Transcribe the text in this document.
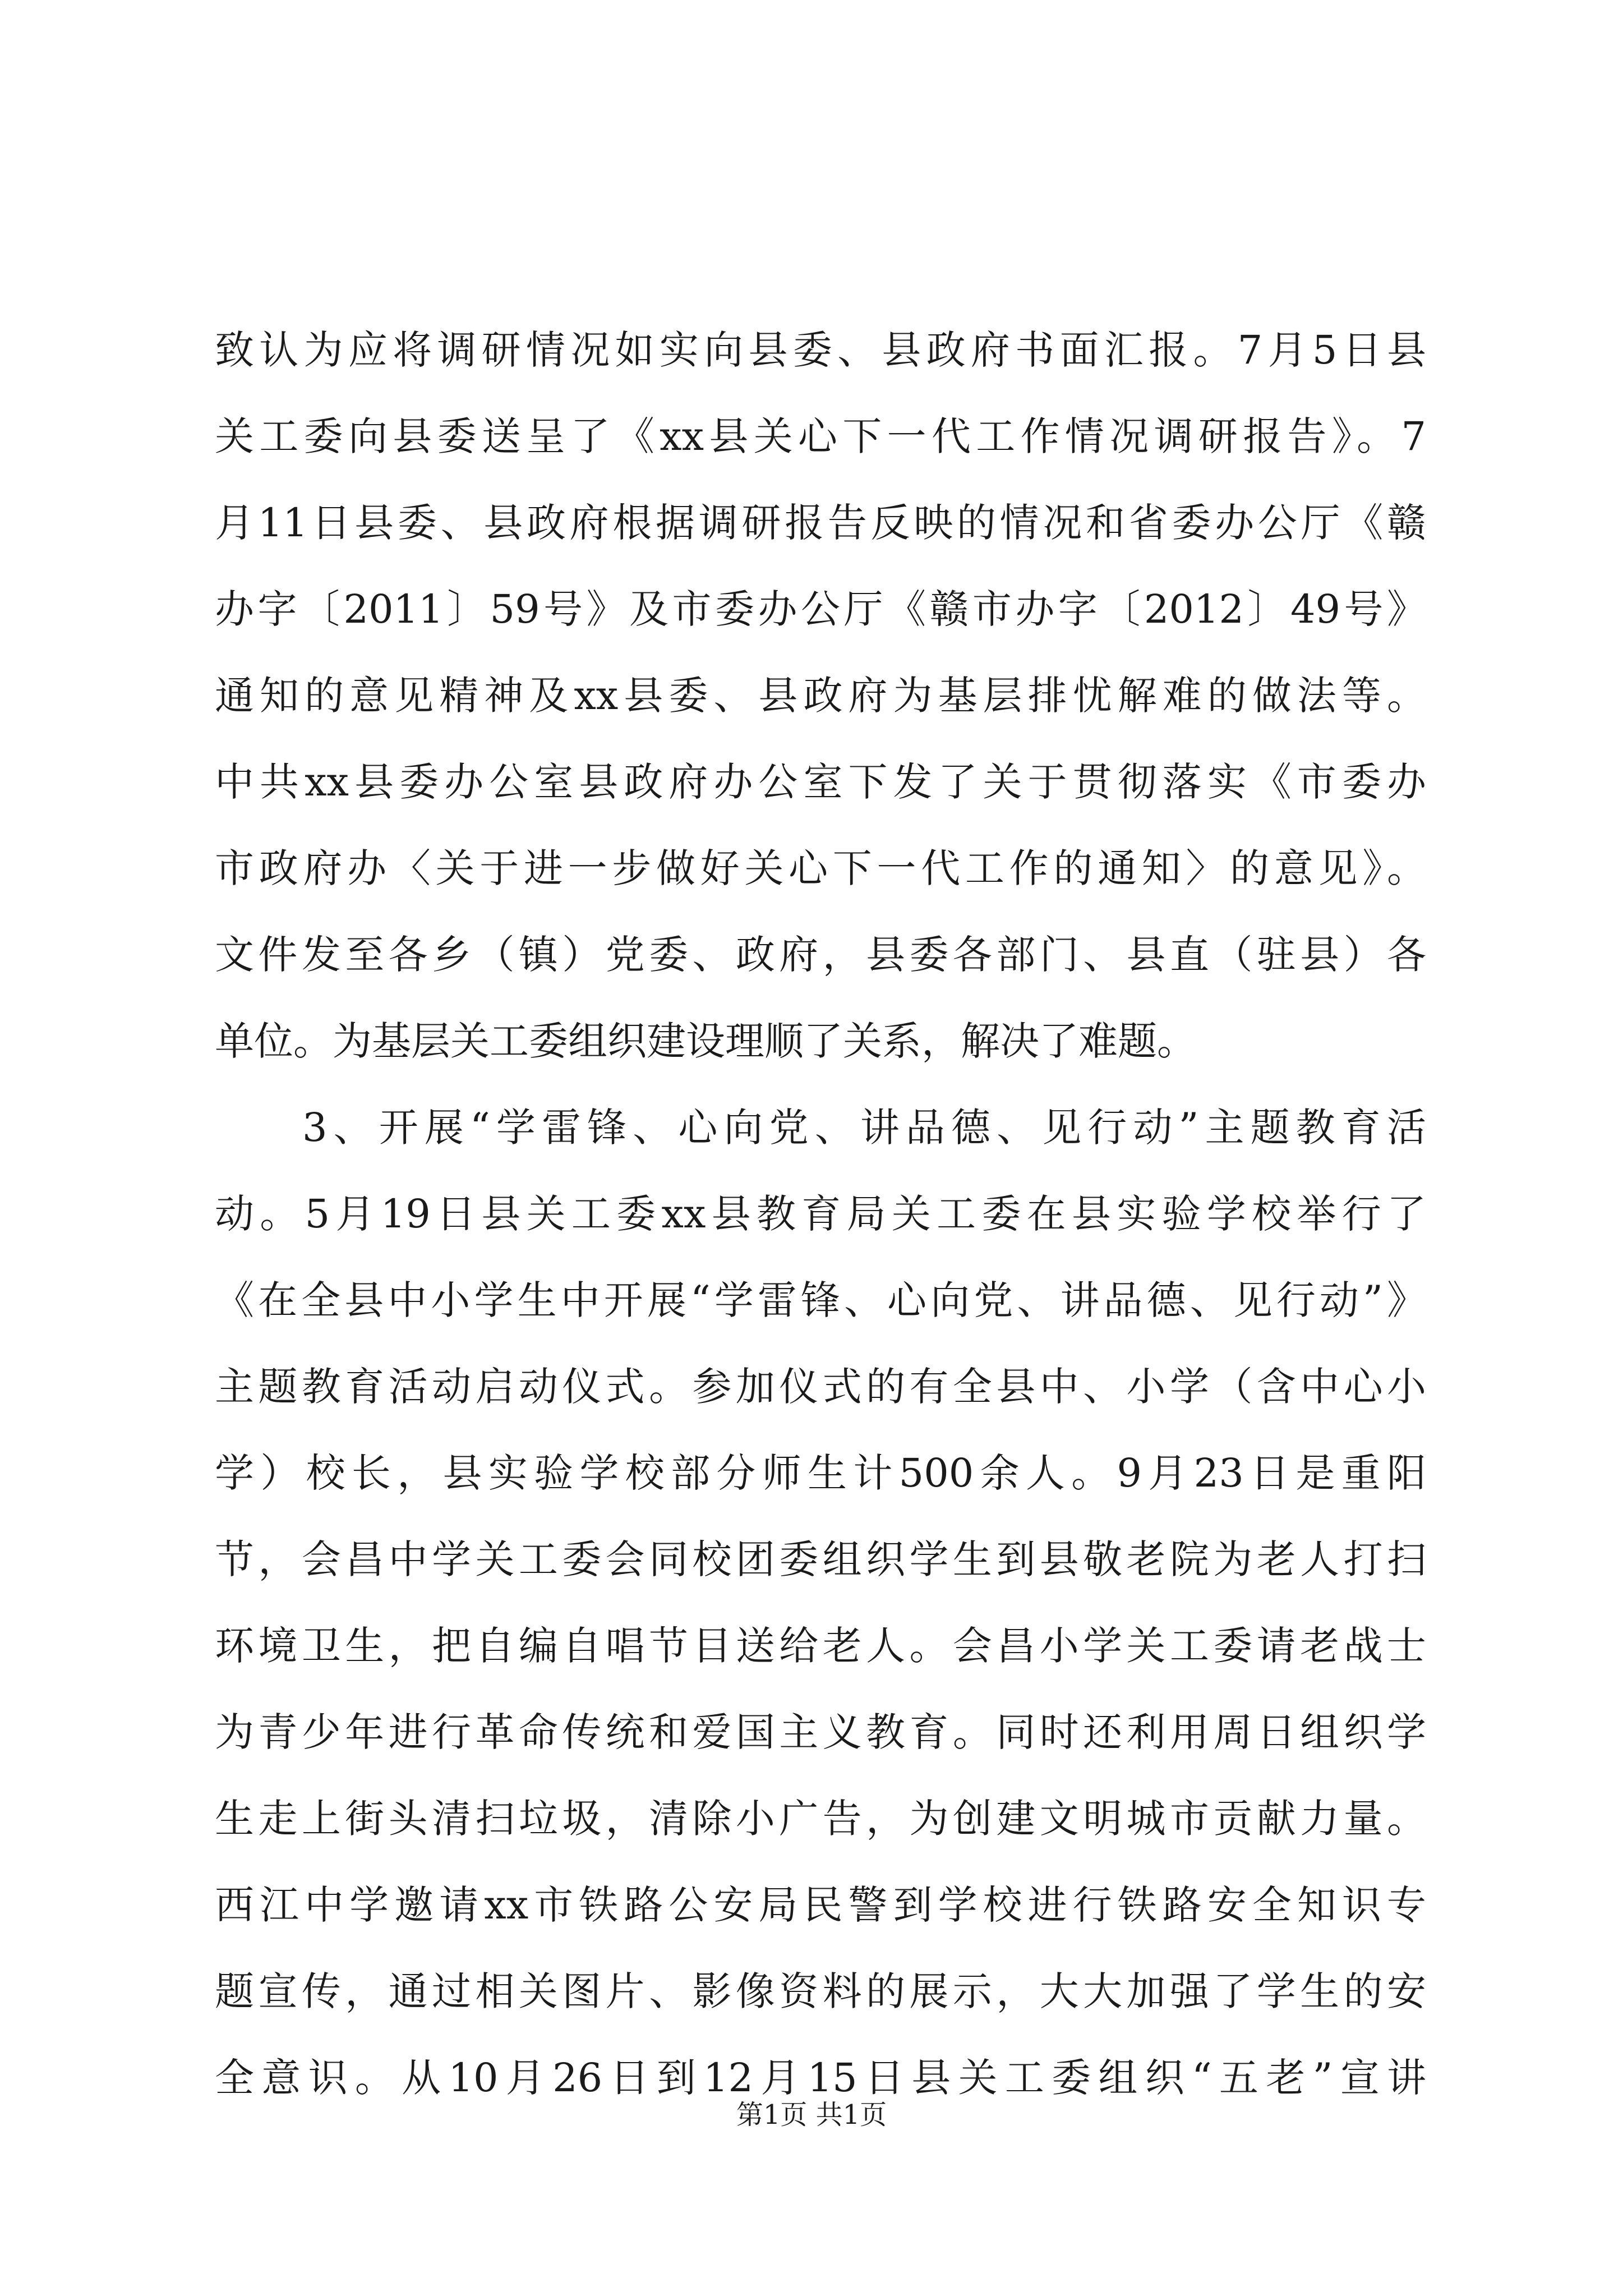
致认为应将调研情况如实向县委、县政府书面汇报。7月5日县
关工委向县委送呈了《xx县关心下一代工作情况调研报告》。7
月11日县委、县政府根据调研报告反映的情况和省委办公厅《赣
办字〔2011〕59号》及市委办公厅《赣市办字〔2012〕49号》
通知的意见精神及xx县委、县政府为基层排忧解难的做法等。
中共xx县委办公室县政府办公室下发了关于贯彻落实《市委办
市政府办〈关于进一步做好关心下一代工作的通知〉的意见》。
文件发至各乡（镇）党委、政府，县委各部门、县直（驻县）各
单位。为基层关工委组织建设理顺了关系，解决了难题。
3、开展“学雷锋、心向党、讲品德、见行动”主题教育活
动。5月19日县关工委xx县教育局关工委在县实验学校举行了
《在全县中小学生中开展“学雷锋、心向党、讲品德、见行动”》
主题教育活动启动仪式。参加仪式的有全县中、小学（含中心小
学）校长，县实验学校部分师生计500余人。9月23日是重阳
节，会昌中学关工委会同校团委组织学生到县敬老院为老人打扫
环境卫生，把自编自唱节目送给老人。会昌小学关工委请老战士
为青少年进行革命传统和爱国主义教育。同时还利用周日组织学
生走上街头清扫垃圾，清除小广告，为创建文明城市贡献力量。
西江中学邀请xx市铁路公安局民警到学校进行铁路安全知识专
题宣传，通过相关图片、影像资料的展示，大大加强了学生的安
全意识。从10月26日到12月15日县关工委组织“五老”宣讲
第1页 共1页
